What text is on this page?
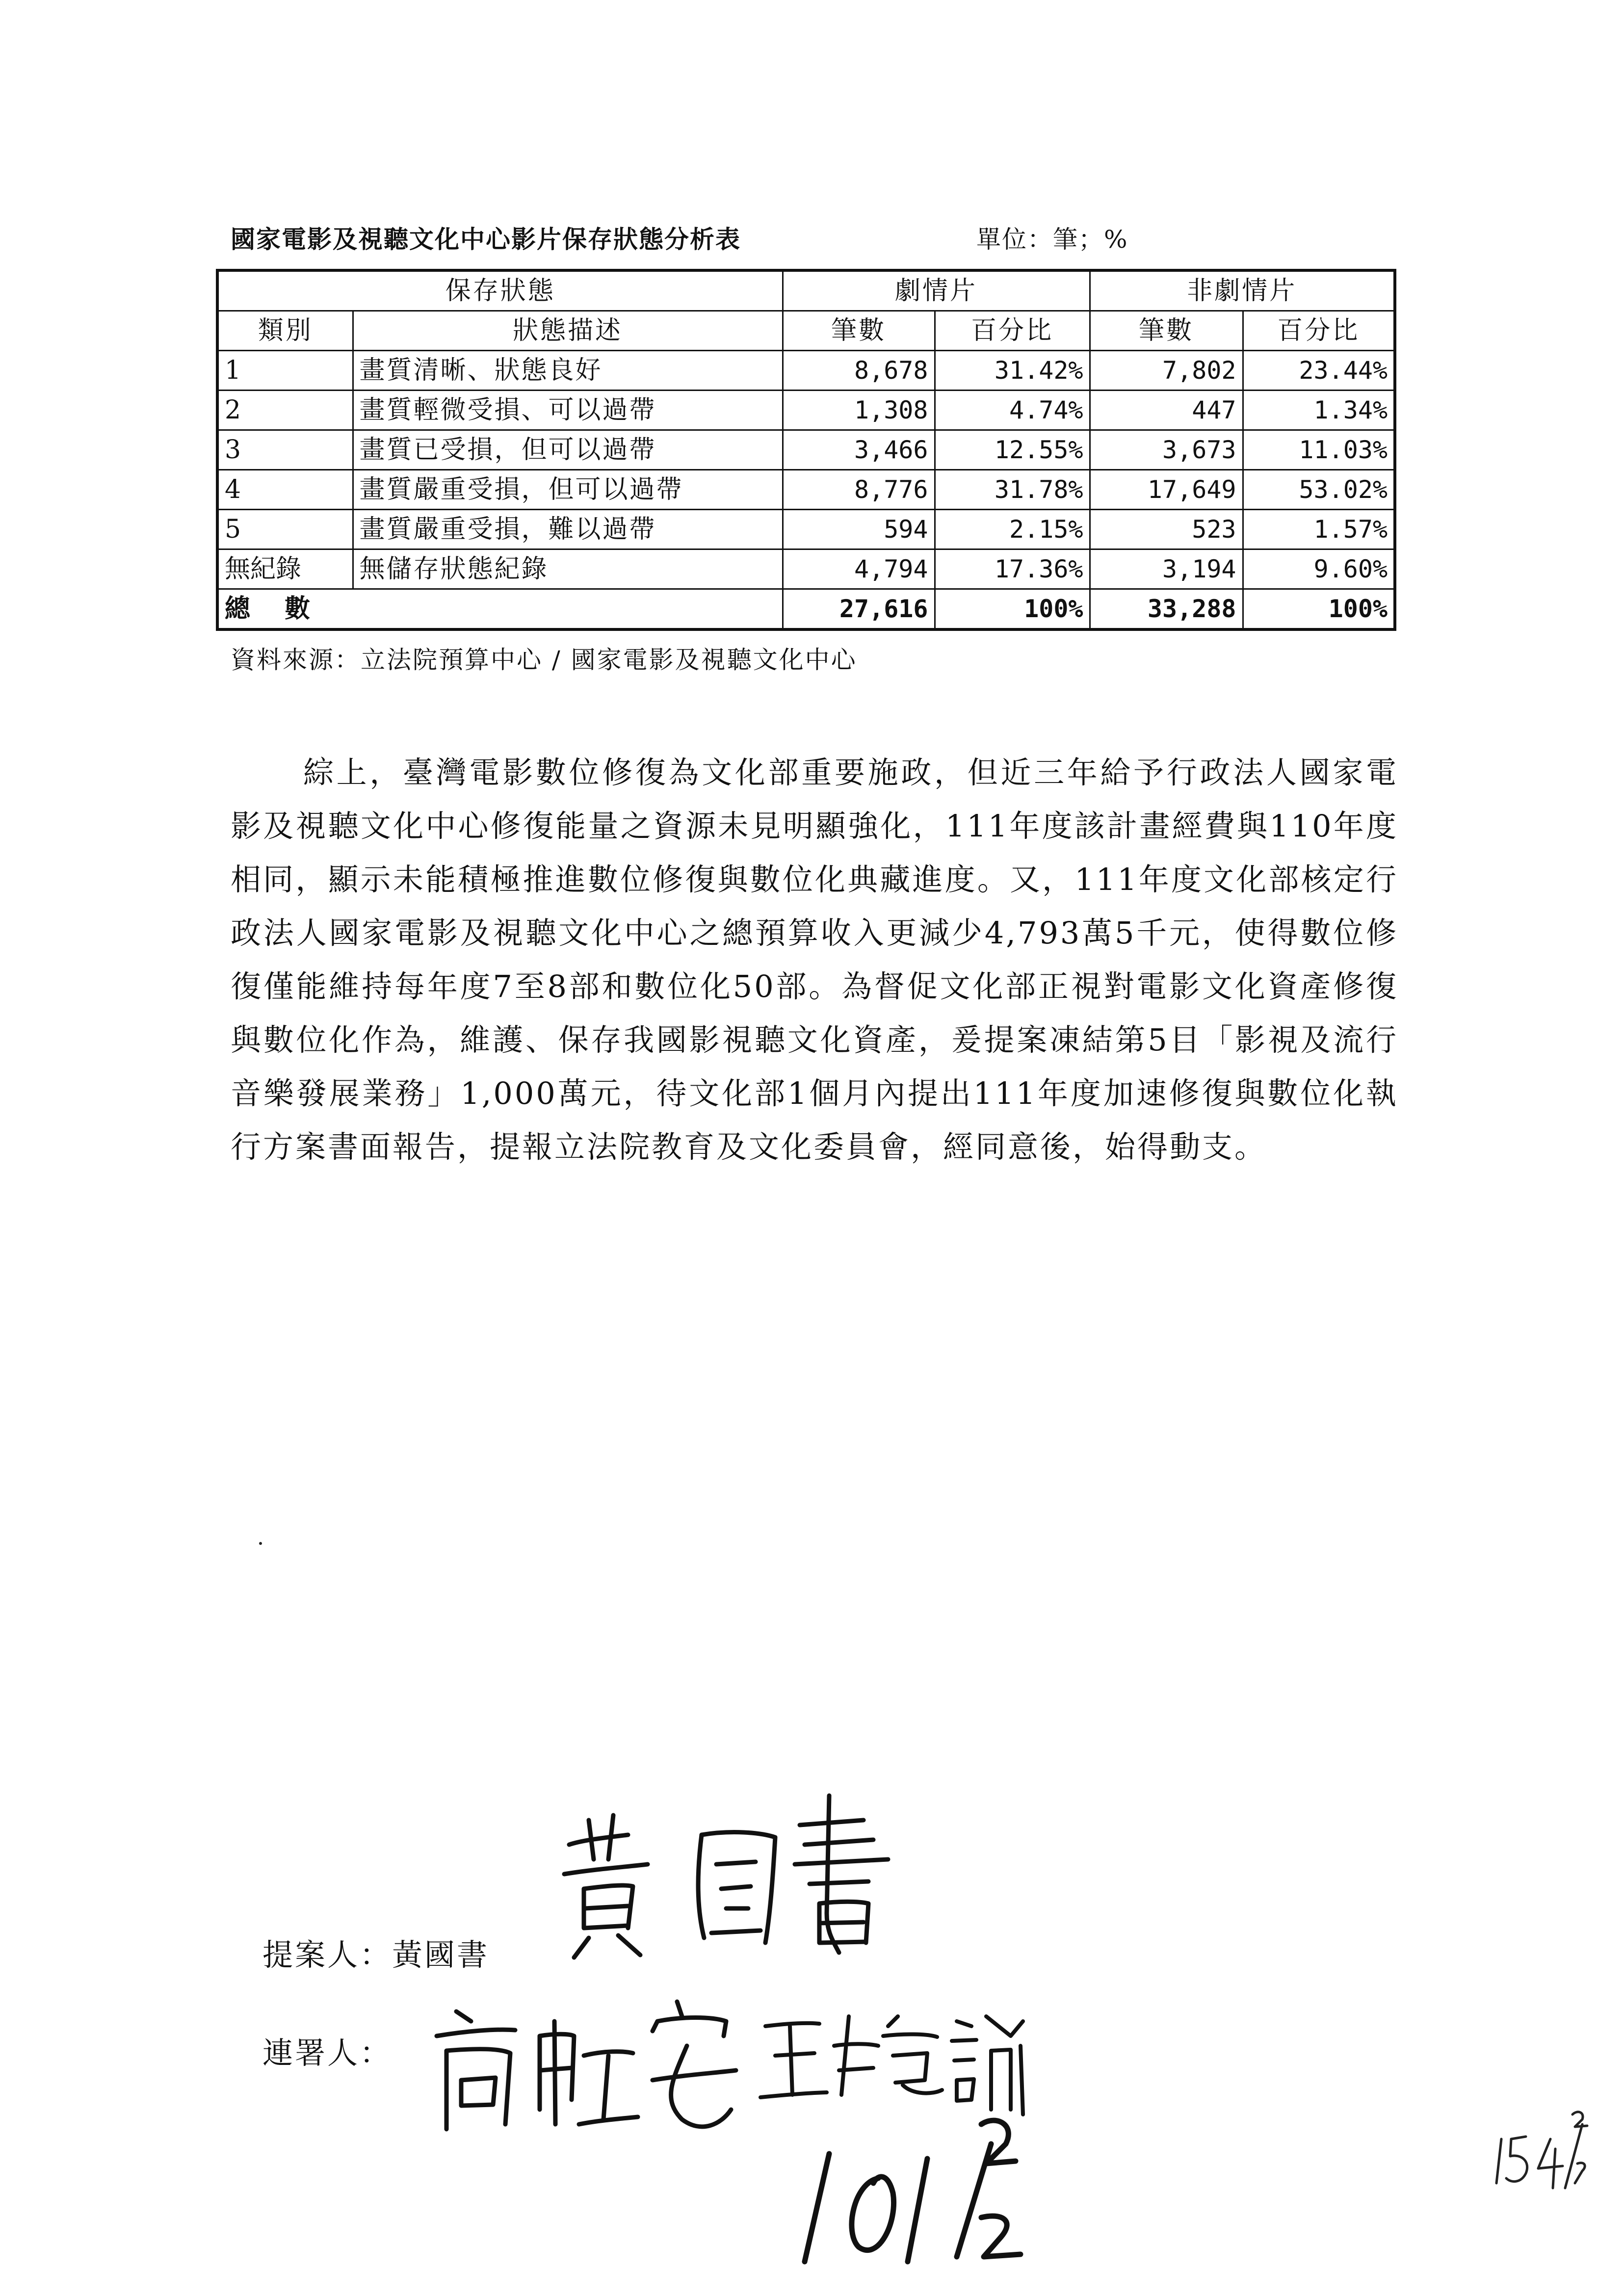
國家電影及視聽文化中心影片保存狀態分析表	單位：筆；%
保存狀態		劇情片		非劇情片	
類別	狀態描述	筆數	百分比	筆數	百分比
1	畫質清晰、狀態良好	8,678	31.42%	7,802	23.44%
2	畫質輕微受損、可以過帶	1,308	4.74%	447	1.34%
3	畫質已受損，但可以過帶	3,466	12.55%	3,673	11.03%
4	畫質嚴重受損，但可以過帶	8,776	31.78%	17,649	53.02%
5	畫質嚴重受損，難以過帶	594	2.15%	523	1.57%
無紀錄	無儲存狀態紀錄	4,794	17.36%	3,194	9.60%
總數		27,616	100%	33,288	100%
資料來源：立法院預算中心 / 國家電影及視聽文化中心
綜上，臺灣電影數位修復為文化部重要施政，但近三年給予行政法人國家電影及視聽文化中心修復能量之資源未見明顯強化，111年度該計畫經費與110年度相同，顯示未能積極推進數位修復與數位化典藏進度。又，111年度文化部核定行政法人國家電影及視聽文化中心之總預算收入更減少4,793萬5千元，使得數位修復僅能維持每年度7至8部和數位化50部。為督促文化部正視對電影文化資產修復與數位化作為，維護、保存我國影視聽文化資產，爰提案凍結第5目「影視及流行音樂發展業務」1,000萬元，待文化部1個月內提出111年度加速修復與數位化執行方案書面報告，提報立法院教育及文化委員會，經同意後，始得動支。
提案人：黃國書
連署人：
